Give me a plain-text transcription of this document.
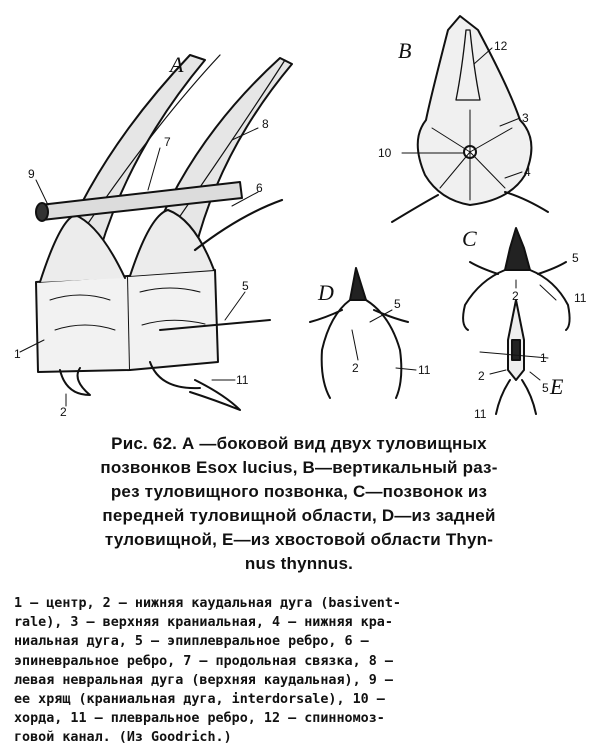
A
B
C
D
E
1
2
5
6
7
8
9
11
3
4
10
12
2
5
11
2
5
11
1
2
5
11
Рис. 62. А —боковой вид двух туловищных
позвонков Esox lucius, B—вертикальный раз-
рез туловищного позвонка, C—позвонок из
передней туловищной области, D—из задней
туловищной, E—из хвостовой области Thyn-
nus thynnus.
1 — центр, 2 — нижняя каудальная дуга (basivent-
rale), 3 — верхняя краниальная, 4 — нижняя кра-
ниальная дуга, 5 — эпиплевральное ребро, 6 —
эпиневральное ребро, 7 — продольная связка, 8 —
левая невральная дуга (верхняя каудальная), 9 —
ее хрящ (краниальная дуга, interdorsale), 10 —
хорда, 11 — плевральное ребро, 12 — спинномоз-
говой канал. (Из Goodrich.)
